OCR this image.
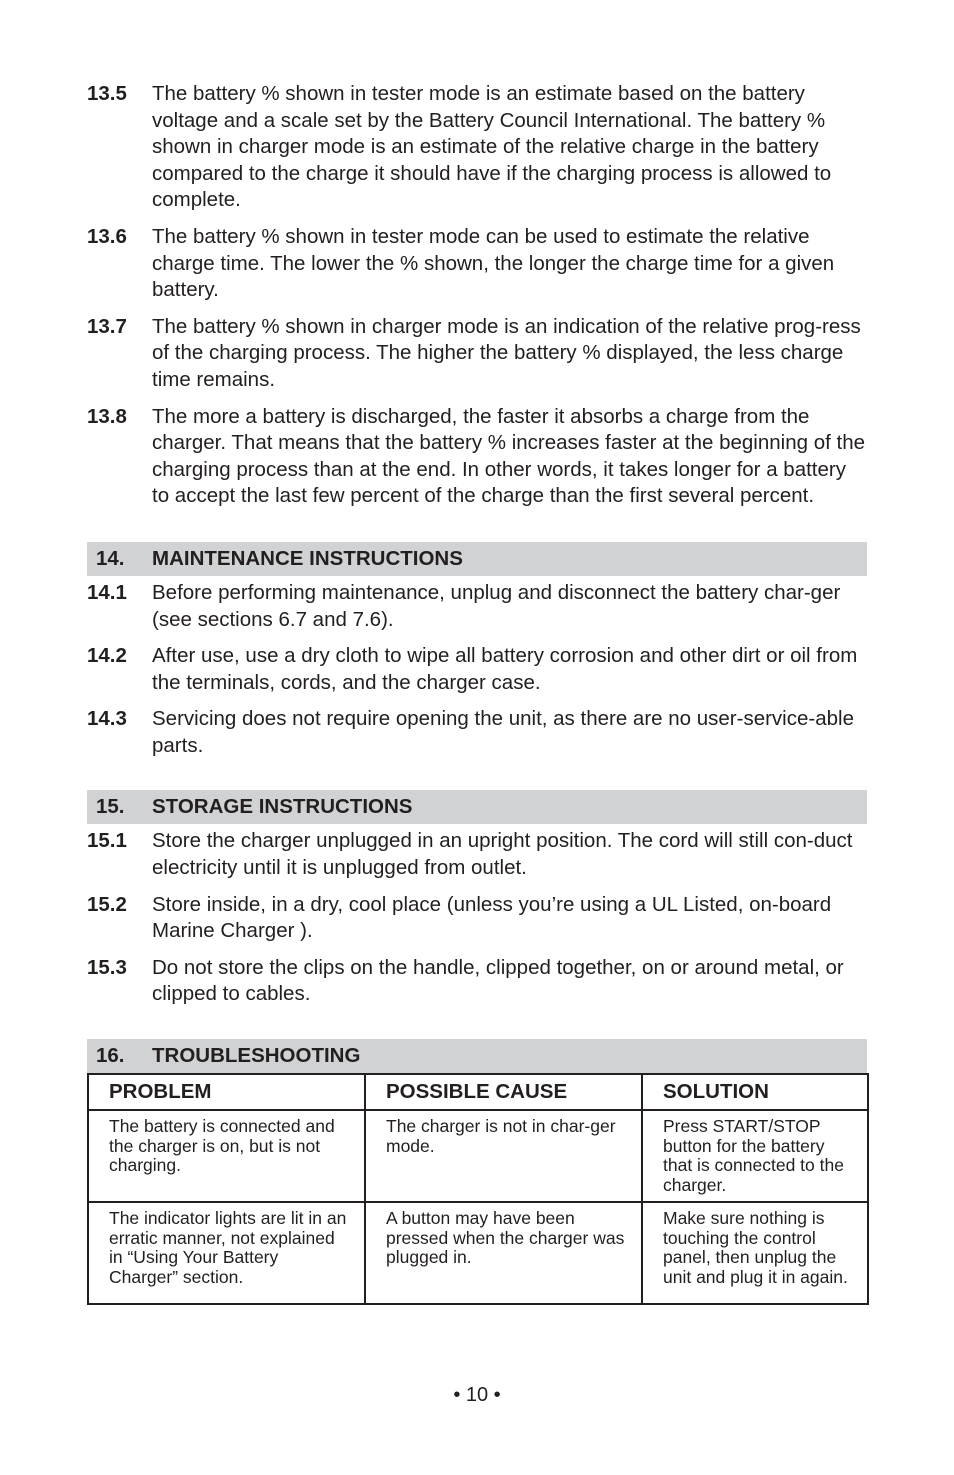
13.5	The battery % shown in tester mode is an estimate based on the battery voltage and a scale set by the Battery Council International. The battery % shown in charger mode is an estimate of the relative charge in the battery compared to the charge it should have if the charging process is allowed to complete.
13.6	The battery % shown in tester mode can be used to estimate the relative charge time. The lower the % shown, the longer the charge time for a given battery.
13.7	The battery % shown in charger mode is an indication of the relative prog-ress of the charging process. The higher the battery % displayed, the less charge time remains.
13.8	The more a battery is discharged, the faster it absorbs a charge from the charger. That means that the battery % increases faster at the beginning of the charging process than at the end. In other words, it takes longer for a battery to accept the last few percent of the charge than the first several percent.
14.	MAINTENANCE INSTRUCTIONS
14.1	Before performing maintenance, unplug and disconnect the battery char-ger (see sections 6.7 and 7.6).
14.2	After use, use a dry cloth to wipe all battery corrosion and other dirt or oil from the terminals, cords, and the charger case.
14.3	Servicing does not require opening the unit, as there are no user-service-able parts.
15.	STORAGE INSTRUCTIONS
15.1	Store the charger unplugged in an upright position. The cord will still con-duct electricity until it is unplugged from outlet.
15.2	Store inside, in a dry, cool place (unless you’re using a UL Listed, on-board Marine Charger ).
15.3	Do not store the clips on the handle, clipped together, on or around metal, or clipped to cables.
16.	TROUBLESHOOTING
PROBLEM	POSSIBLE CAUSE	SOLUTION
The battery is connected and the charger is on, but is not charging.	The charger is not in char-ger mode.	Press START/STOP button for the battery that is connected to the charger.
The indicator lights are lit in an erratic manner, not explained in “Using Your Battery Charger” section.	A button may have been pressed when the charger was plugged in.	Make sure nothing is touching the control panel, then unplug the unit and plug it in again.
• 10 •
